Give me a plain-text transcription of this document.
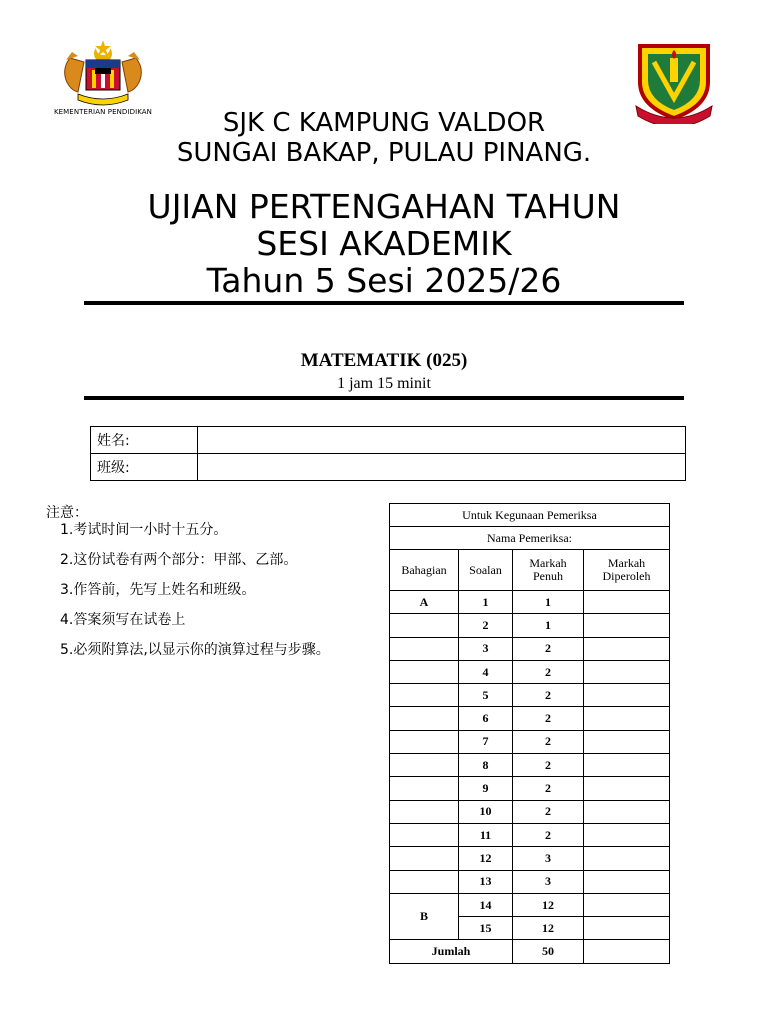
KEMENTERIAN PENDIDIKAN	SJK C KAMPUNG VALDOR
SUNGAI BAKAP, PULAU PINANG.
UJIAN PERTENGAHAN TAHUN
SESI AKADEMIK
Tahun 5 Sesi 2025/26
MATEMATIK (025)
1 jam 15 minit
姓名:	
班级:	
注意：
1.考试时间一小时十五分。
2.这份试卷有两个部分：甲部、乙部。
3.作答前，先写上姓名和班级。
4.答案须写在试卷上
5.必须附算法,以显示你的演算过程与步骤。
Untuk Kegunaan Pemeriksa			
Nama Pemeriksa:			
Bahagian	Soalan	Markah Penuh	Markah Diperoleh
A	1	1	
	2	1	
	3	2	
	4	2	
	5	2	
	6	2	
	7	2	
	8	2	
	9	2	
	10	2	
	11	2	
	12	3	
	13	3	
B	14	12	
	15	12	
Jumlah		50	
